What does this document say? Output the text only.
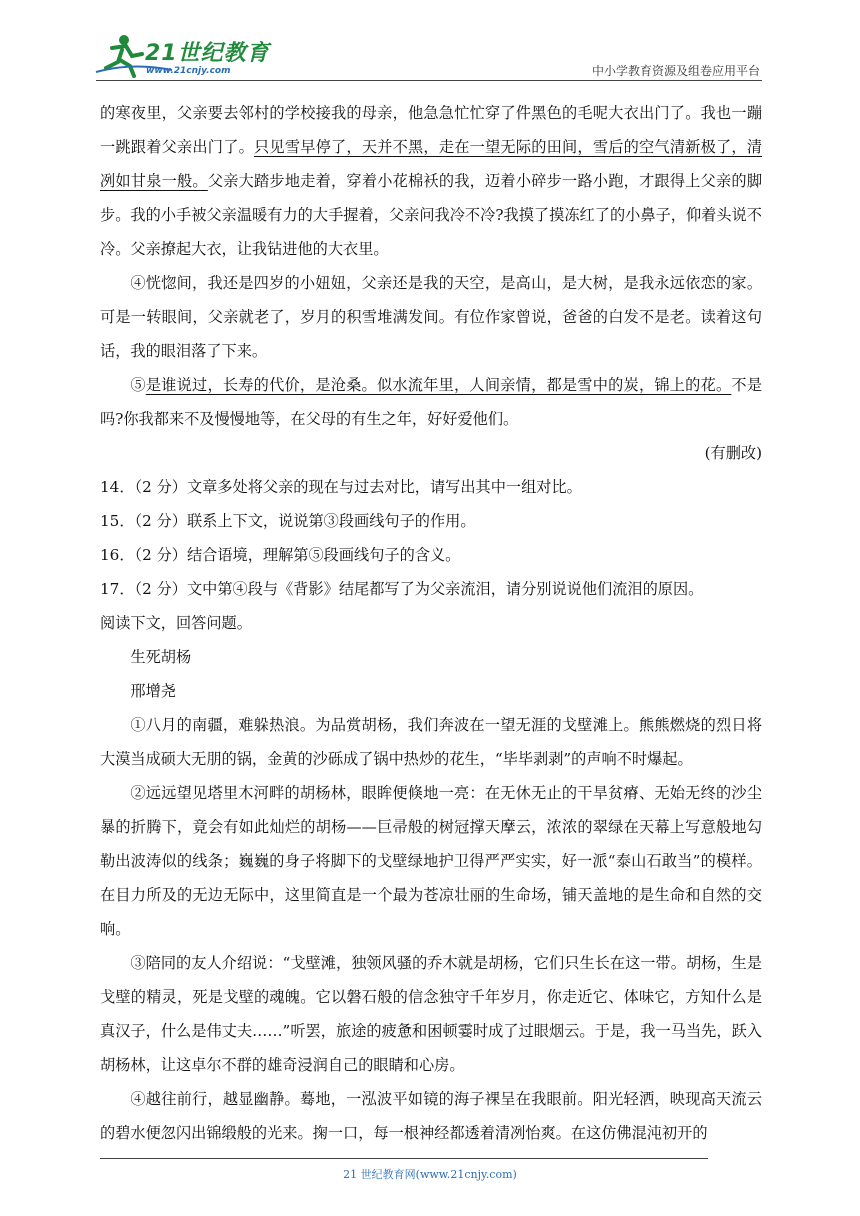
21世纪教育
www.21cnjy.com	中小学教育资源及组卷应用平台

的寒夜里，父亲要去邻村的学校接我的母亲，他急急忙忙穿了件黑色的毛呢大衣出门了。我也一蹦一跳跟着父亲出门了。只见雪早停了，天并不黑，走在一望无际的田间，雪后的空气清新极了，清冽如甘泉一般。父亲大踏步地走着，穿着小花棉袄的我，迈着小碎步一路小跑，才跟得上父亲的脚步。我的小手被父亲温暖有力的大手握着，父亲问我冷不冷?我摸了摸冻红了的小鼻子，仰着头说不冷。父亲撩起大衣，让我钻进他的大衣里。

④恍惚间，我还是四岁的小妞妞，父亲还是我的天空，是高山，是大树，是我永远依恋的家。可是一转眼间，父亲就老了，岁月的积雪堆满发间。有位作家曾说，爸爸的白发不是老。读着这句话，我的眼泪落了下来。

⑤是谁说过，长寿的代价，是沧桑。似水流年里，人间亲情，都是雪中的炭，锦上的花。不是吗?你我都来不及慢慢地等，在父母的有生之年，好好爱他们。

(有删改)

14．（2 分）文章多处将父亲的现在与过去对比，请写出其中一组对比。

15．（2 分）联系上下文，说说第③段画线句子的作用。

16．（2 分）结合语境，理解第⑤段画线句子的含义。

17．（2 分）文中第④段与《背影》结尾都写了为父亲流泪，请分别说说他们流泪的原因。

阅读下文，回答问题。

生死胡杨

邢增尧

①八月的南疆，难躲热浪。为品赏胡杨，我们奔波在一望无涯的戈壁滩上。熊熊燃烧的烈日将大漠当成硕大无朋的锅，金黄的沙砾成了锅中热炒的花生，“毕毕剥剥”的声响不时爆起。

②远远望见塔里木河畔的胡杨林，眼眸便倏地一亮：在无休无止的干旱贫瘠、无始无终的沙尘暴的折腾下，竟会有如此灿烂的胡杨——巨帚般的树冠撑天摩云，浓浓的翠绿在天幕上写意般地勾勒出波涛似的线条；巍巍的身子将脚下的戈壁绿地护卫得严严实实，好一派“泰山石敢当”的模样。在目力所及的无边无际中，这里简直是一个最为苍凉壮丽的生命场，铺天盖地的是生命和自然的交响。

③陪同的友人介绍说：“戈壁滩，独领风骚的乔木就是胡杨，它们只生长在这一带。胡杨，生是戈壁的精灵，死是戈壁的魂魄。它以磐石般的信念独守千年岁月，你走近它、体味它，方知什么是真汉子，什么是伟丈夫……”听罢，旅途的疲惫和困顿霎时成了过眼烟云。于是，我一马当先，跃入胡杨林，让这卓尔不群的雄奇浸润自己的眼睛和心房。

④越往前行，越显幽静。蓦地，一泓波平如镜的海子裸呈在我眼前。阳光轻洒，映现高天流云的碧水便忽闪出锦缎般的光来。掬一口，每一根神经都透着清冽怡爽。在这仿佛混沌初开的

21 世纪教育网(www.21cnjy.com)
